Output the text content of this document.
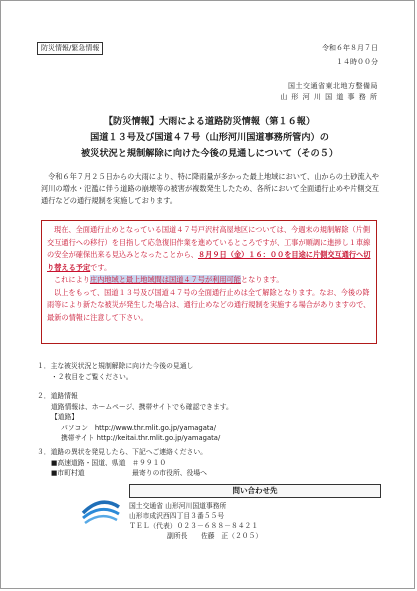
防災情報/緊急情報	令和６年８月７日
１４時００分
国土交通省東北地方整備局
山 形 河 川 国 道 事 務 所
【防災情報】大雨による道路防災情報（第１６報）
国道１３号及び国道４７号（山形河川国道事務所管内）の
被災状況と規制解除に向けた今後の見通しについて（その５）
令和６年７月２５日からの大雨により、特に降雨量が多かった最上地域において、山からの土砂流入や河川の増水・氾濫に伴う道路の崩壊等の被害が複数発生したため、各所において全面通行止めや片側交互通行などの通行規制を実施しております。

現在、全面通行止めとなっている国道４７号戸沢村高屋地区については、今週末の規制解除（片側交互通行への移行）を目指して応急復旧作業を進めているところですが、工事が順調に進捗し１車線の安全が確保出来る見込みとなったことから、８月９日（金）１６：００を目途に片側交互通行へ切り替える予定です。

これにより庄内地域と最上地域間は国道４７号が利用可能となります。

以上をもって、国道１３号及び国道４７号の全面通行止めは全て解除となります。なお、今後の降雨等により新たな被災が発生した場合は、通行止めなどの通行規制を実施する場合がありますので、最新の情報に注意して下さい。

１．主な被災状況と規制解除に向けた今後の見通し
・２枚目をご覧ください。
２．道路情報
道路情報は、ホームページ、携帯サイトでも確認できます。
【道路】
パソコン　http://www.thr.mlit.go.jp/yamagata/
携帯サイト http://keitai.thr.mlit.go.jp/yamagata/
３．道路の異状を発見したら、下記へご連絡ください。
■高速道路・国道、県道　＃９９１０
■市町村道　　　　　　　最寄りの市役所、役場へ
問い合わせ先
国土交通省 山形河川国道事務所
山形市成沢西四丁目３番５５号
ＴＥＬ（代表）０２３－６８８－８４２１
副所長　　佐藤　正（２０５）
